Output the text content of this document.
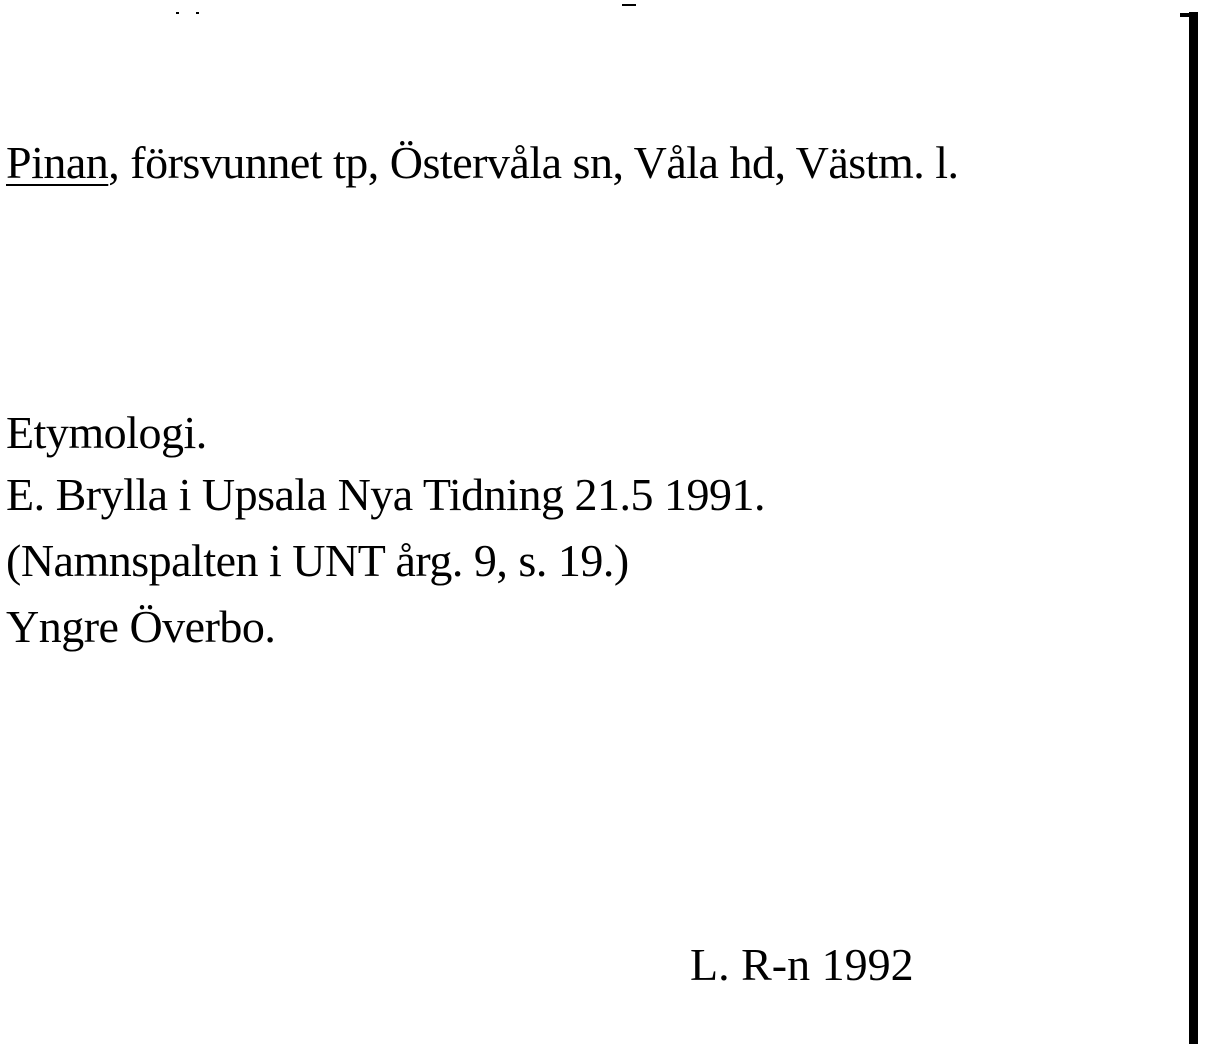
Pinan, försvunnet tp, Östervåla sn, Våla hd, Västm. l.
Etymologi.
E. Brylla i Upsala Nya Tidning 21.5 1991.
(Namnspalten i UNT årg. 9, s. 19.)
Yngre Överbo.
L. R-n 1992
